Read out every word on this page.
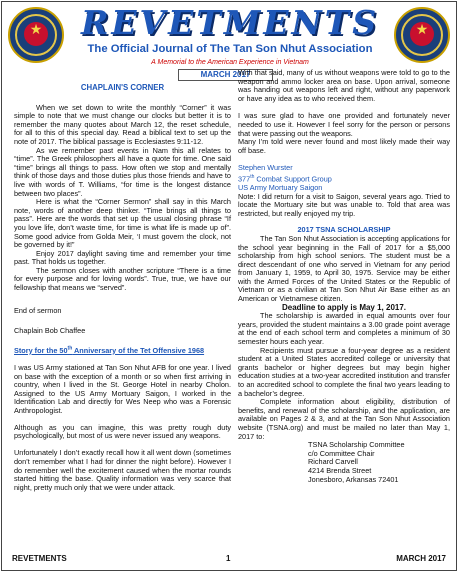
★	★
REVETMENTS
The Official Journal of The Tan Son Nhut Association
A Memorial to the American Experience in Vietnam
MARCH 2017
CHAPLAIN'S CORNER

When we set down to write the monthly “Corner” it was simple to note that we must change our clocks but better it is to remember the many quotes about March 12, the reset schedule, for all to this of this special day. Read a biblical text to set up the note of 2017. The biblical passage is Ecclesiastes 9:11-12.

As we remember past events in Nam this all relates to “time”. The Greek philosophers all have a quote for time. One said “time” brings all things to pass. How often we stop and mentally think of those days and those duties plus those friends and have to live with words of T. Williams, “for time is the longest distance between two places”.

Here is what the “Corner Sermon” shall say in this March note, words of another deep thinker. “Time brings all things to pass”. Here are the words that set up the usual closing phrase “If you love life, don’t waste time, for time is what life is made up of”. Some good advice from Golda Meir, ‘I must govern the clock, not be governed by it!”

Enjoy 2017 daylight saving time and remember your time past. That holds us together.

The sermon closes with another scripture “There is a time for every purpose and for loving words”. True, true, we have our fellowship that means we “served”.

End of sermon

Chaplain Bob Chaffee

Story for the 50th Anniversary of the Tet Offensive 1968

I was US Army stationed at Tan Son Nhut AFB for one year. I lived on base with the exception of a month or so when first arriving in country, when I lived in the St. George Hotel in nearby Cholon. Assigned to the US Army Mortuary Saigon, I worked in the Identification Lab and directly for Wes Neep who was a Forensic Anthropologist.

Although as you can imagine, this was pretty rough duty psychologically, but most of us were never issued any weapons.

Unfortunately I don’t exactly recall how it all went down (sometimes don’t remember what I had for dinner the night before). However I do remember well the excitement caused when the mortar rounds started hitting the base. Quality information was very scarce that night, pretty much only that we were under attack.

With that said, many of us without weapons were told to go to the weapon and ammo locker area on base. Upon arrival, someone was handing out weapons left and right, without any paperwork or have any idea as to who received them.

I was sure glad to have one provided and fortunately never needed to use it. However I feel sorry for the person or persons that were passing out the weapons.
Many I’m told were never found and most likely made their way off base.

Stephen Wurster
377th Combat Support Group
US Army Mortuary Saigon

Note: I did return for a visit to Saigon, several years ago. Tried to locate the Mortuary site but was unable to. Told that area was restricted, but really enjoyed my trip.

2017 TSNA SCHOLARSHIP

The Tan Son Nhut Association is accepting applications for the school year beginning in the Fall of 2017 for a $5,000 scholarship from high school seniors. The student must be a direct descendant of one who served in Vietnam for any period from January 1, 1959, to April 30, 1975. Service may be either with the Armed Forces of the United States or the Republic of Vietnam or as a civilian at Tan Son Nhut Air Base either as an American or Vietnamese citizen.

Deadline to apply is May 1, 2017.

The scholarship is awarded in equal amounts over four years, provided the student maintains a 3.00 grade point average at the end of each school term and completes a minimum of 30 semester hours each year.

Recipients must pursue a four-year degree as a resident student at a United States accredited college or university that grants bachelor or higher degrees but may begin higher education studies at a two-year accredited institution and transfer to an accredited school to complete the final two years leading to a bachelor’s degree.

Complete information about eligibility, distribution of benefits, and renewal of the scholarship, and the application, are available on Pages 2 & 3, and at the Tan Son Nhut Association website (TSNA.org) and must be mailed no later than May 1, 2017 to:

TSNA Scholarship Committee
c/o Committee Chair
Richard Carvell
4214 Brenda Street
Jonesboro, Arkansas 72401
REVETMENTS	1	MARCH 2017
